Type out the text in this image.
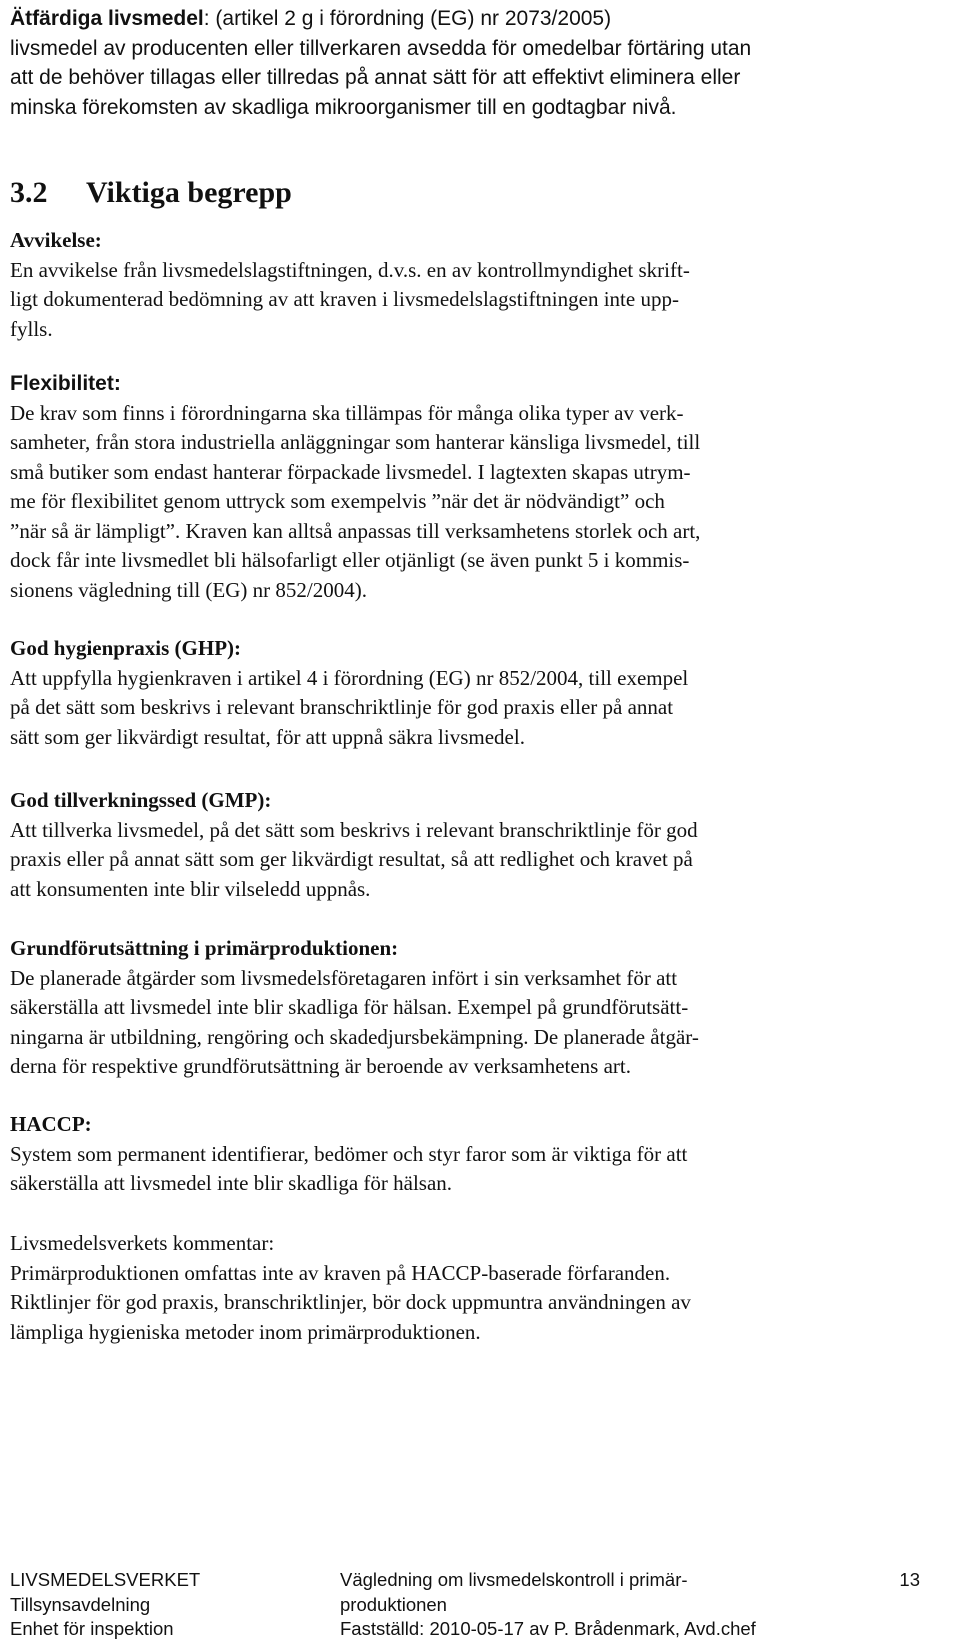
Ätfärdiga livsmedel: (artikel 2 g i förordning (EG) nr 2073/2005)

livsmedel av producenten eller tillverkaren avsedda för omedelbar förtäring utan

att de behöver tillagas eller tillredas på annat sätt för att effektivt eliminera eller

minska förekomsten av skadliga mikroorganismer till en godtagbar nivå.

3.2 Viktiga begrepp

Avvikelse:

En avvikelse från livsmedelslagstiftningen, d.v.s. en av kontrollmyndighet skrift-

ligt dokumenterad bedömning av att kraven i livsmedelslagstiftningen inte upp-

fylls.

Flexibilitet:

De krav som finns i förordningarna ska tillämpas för många olika typer av verk-

samheter, från stora industriella anläggningar som hanterar känsliga livsmedel, till

små butiker som endast hanterar förpackade livsmedel. I lagtexten skapas utrym-

me för flexibilitet genom uttryck som exempelvis ”när det är nödvändigt” och

”när så är lämpligt”. Kraven kan alltså anpassas till verksamhetens storlek och art,

dock får inte livsmedlet bli hälsofarligt eller otjänligt (se även punkt 5 i kommis-

sionens vägledning till (EG) nr 852/2004).

God hygienpraxis (GHP):

Att uppfylla hygienkraven i artikel 4 i förordning (EG) nr 852/2004, till exempel

på det sätt som beskrivs i relevant branschriktlinje för god praxis eller på annat

sätt som ger likvärdigt resultat, för att uppnå säkra livsmedel.

God tillverkningssed (GMP):

Att tillverka livsmedel, på det sätt som beskrivs i relevant branschriktlinje för god

praxis eller på annat sätt som ger likvärdigt resultat, så att redlighet och kravet på

att konsumenten inte blir vilseledd uppnås.

Grundförutsättning i primärproduktionen:

De planerade åtgärder som livsmedelsföretagaren infört i sin verksamhet för att

säkerställa att livsmedel inte blir skadliga för hälsan. Exempel på grundförutsätt-

ningarna är utbildning, rengöring och skadedjursbekämpning. De planerade åtgär-

derna för respektive grundförutsättning är beroende av verksamhetens art.

HACCP:

System som permanent identifierar, bedömer och styr faror som är viktiga för att

säkerställa att livsmedel inte blir skadliga för hälsan.

Livsmedelsverkets kommentar:

Primärproduktionen omfattas inte av kraven på HACCP-baserade förfaranden.

Riktlinjer för god praxis, branschriktlinjer, bör dock uppmuntra användningen av

lämpliga hygieniska metoder inom primärproduktionen.

LIVSMEDELSVERKET
Tillsynsavdelning
Enhet för inspektion
Vägledning om livsmedelskontroll i primär-
produktionen
Fastställd: 2010-05-17 av P. Brådenmark, Avd.chef
13
